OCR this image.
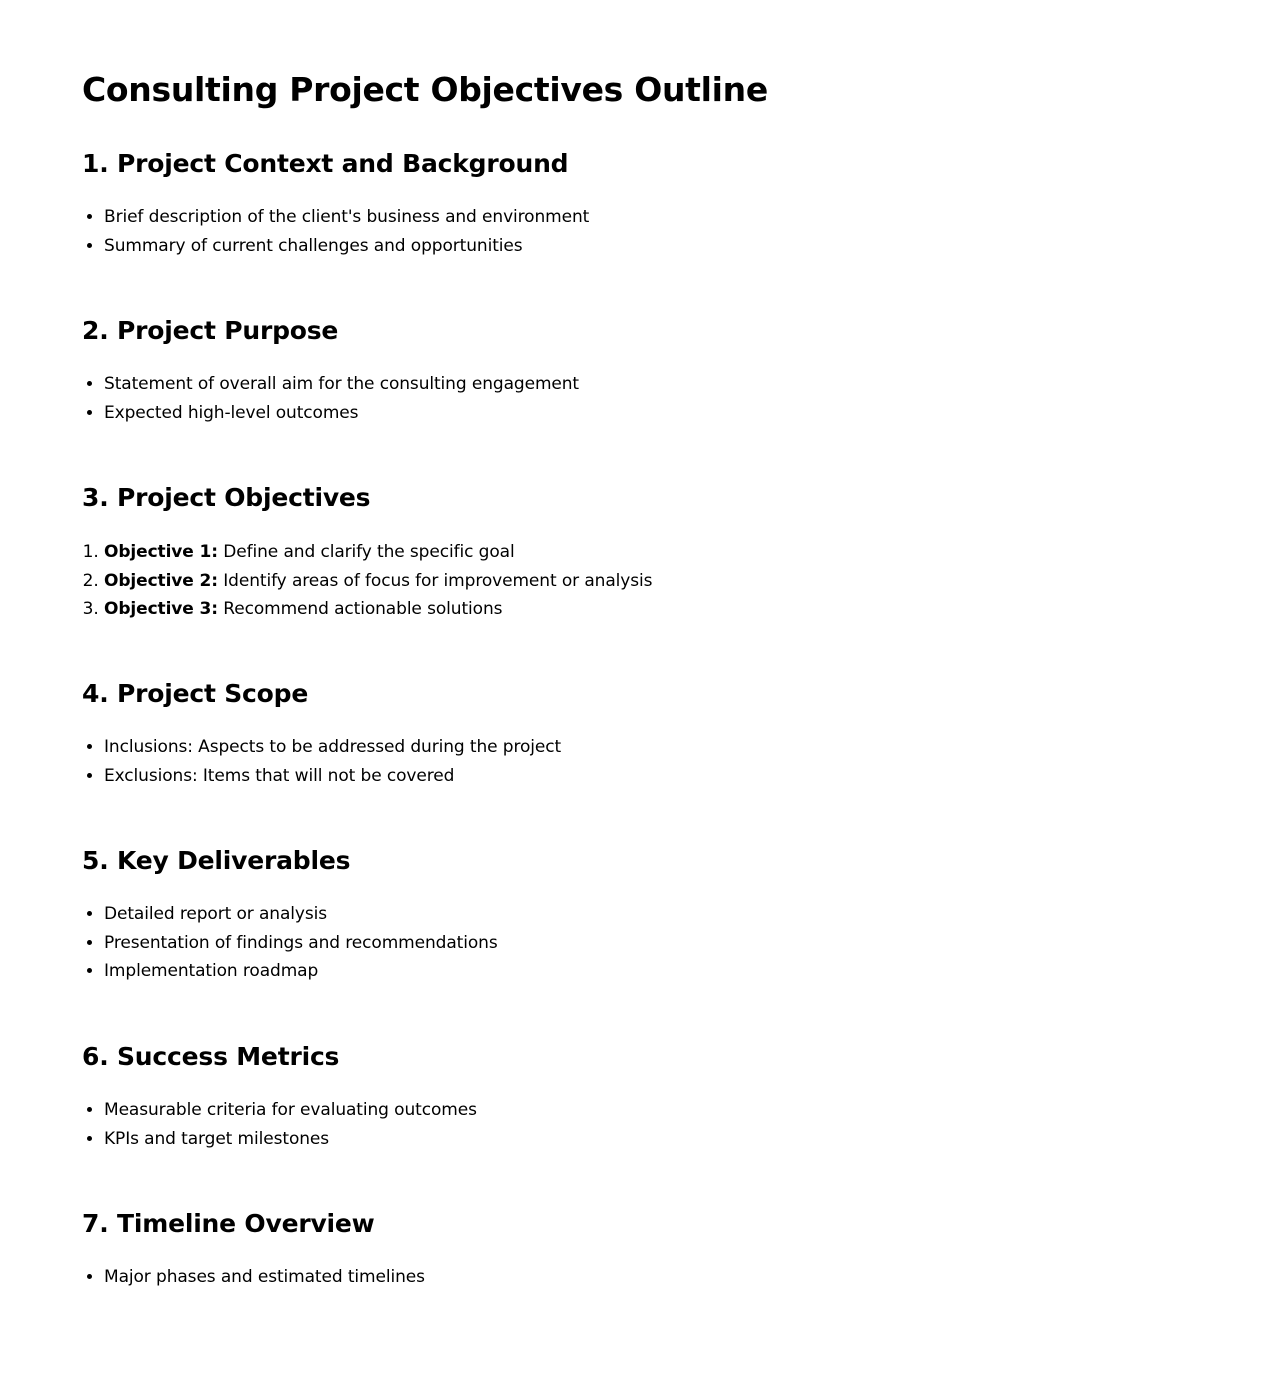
Consulting Project Objectives Outline
1. Project Context and Background
• Brief description of the client's business and environment
• Summary of current challenges and opportunities
2. Project Purpose
• Statement of overall aim for the consulting engagement
• Expected high-level outcomes
3. Project Objectives
1. Objective 1: Define and clarify the specific goal
2. Objective 2: Identify areas of focus for improvement or analysis
3. Objective 3: Recommend actionable solutions
4. Project Scope
• Inclusions: Aspects to be addressed during the project
• Exclusions: Items that will not be covered
5. Key Deliverables
• Detailed report or analysis
• Presentation of findings and recommendations
• Implementation roadmap
6. Success Metrics
• Measurable criteria for evaluating outcomes
• KPIs and target milestones
7. Timeline Overview
• Major phases and estimated timelines
